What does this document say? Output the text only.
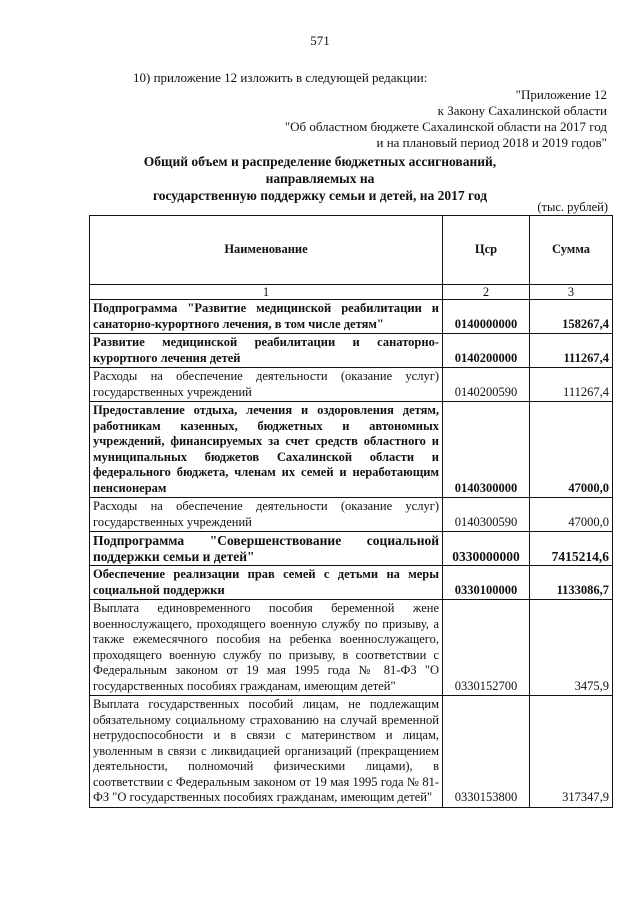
571
10) приложение 12 изложить в следующей редакции:
"Приложение 12
к Закону Сахалинской области
"Об областном бюджете Сахалинской области на 2017 год
и на плановый период 2018 и 2019 годов"
Общий объем и распределение бюджетных ассигнований, направляемых на
государственную поддержку семьи и детей, на 2017 год
(тыс. рублей)
Наименование	Цср	Сумма
1	2	3
Подпрограмма "Развитие медицинской реабилитации и санаторно-курортного лечения, в том числе детям"	0140000000	158267,4
Развитие медицинской реабилитации и санаторно-курортного лечения детей	0140200000	111267,4
Расходы на обеспечение деятельности (оказание услуг) государственных учреждений	0140200590	111267,4
Предоставление отдыха, лечения и оздоровления детям, работникам казенных, бюджетных и автономных учреждений, финансируемых за счет средств областного и муниципальных бюджетов Сахалинской области и федерального бюджета, членам их семей и неработающим пенсионерам	0140300000	47000,0
Расходы на обеспечение деятельности (оказание услуг) государственных учреждений	0140300590	47000,0
Подпрограмма "Совершенствование социальной поддержки семьи и детей"	0330000000	7415214,6
Обеспечение реализации прав семей с детьми на меры социальной поддержки	0330100000	1133086,7
Выплата единовременного пособия беременной жене военнослужащего, проходящего военную службу по призыву, а также ежемесячного пособия на ребенка военнослужащего, проходящего военную службу по призыву, в соответствии с Федеральным законом от 19 мая 1995 года № 81-ФЗ "О государственных пособиях гражданам, имеющим детей"	0330152700	3475,9
Выплата государственных пособий лицам, не подлежащим обязательному социальному страхованию на случай временной нетрудоспособности и в связи с материнством и лицам, уволенным в связи с ликвидацией организаций (прекращением деятельности, полномочий физическими лицами), в соответствии с Федеральным законом от 19 мая 1995 года № 81-ФЗ "О государственных пособиях гражданам, имеющим детей"	0330153800	317347,9
